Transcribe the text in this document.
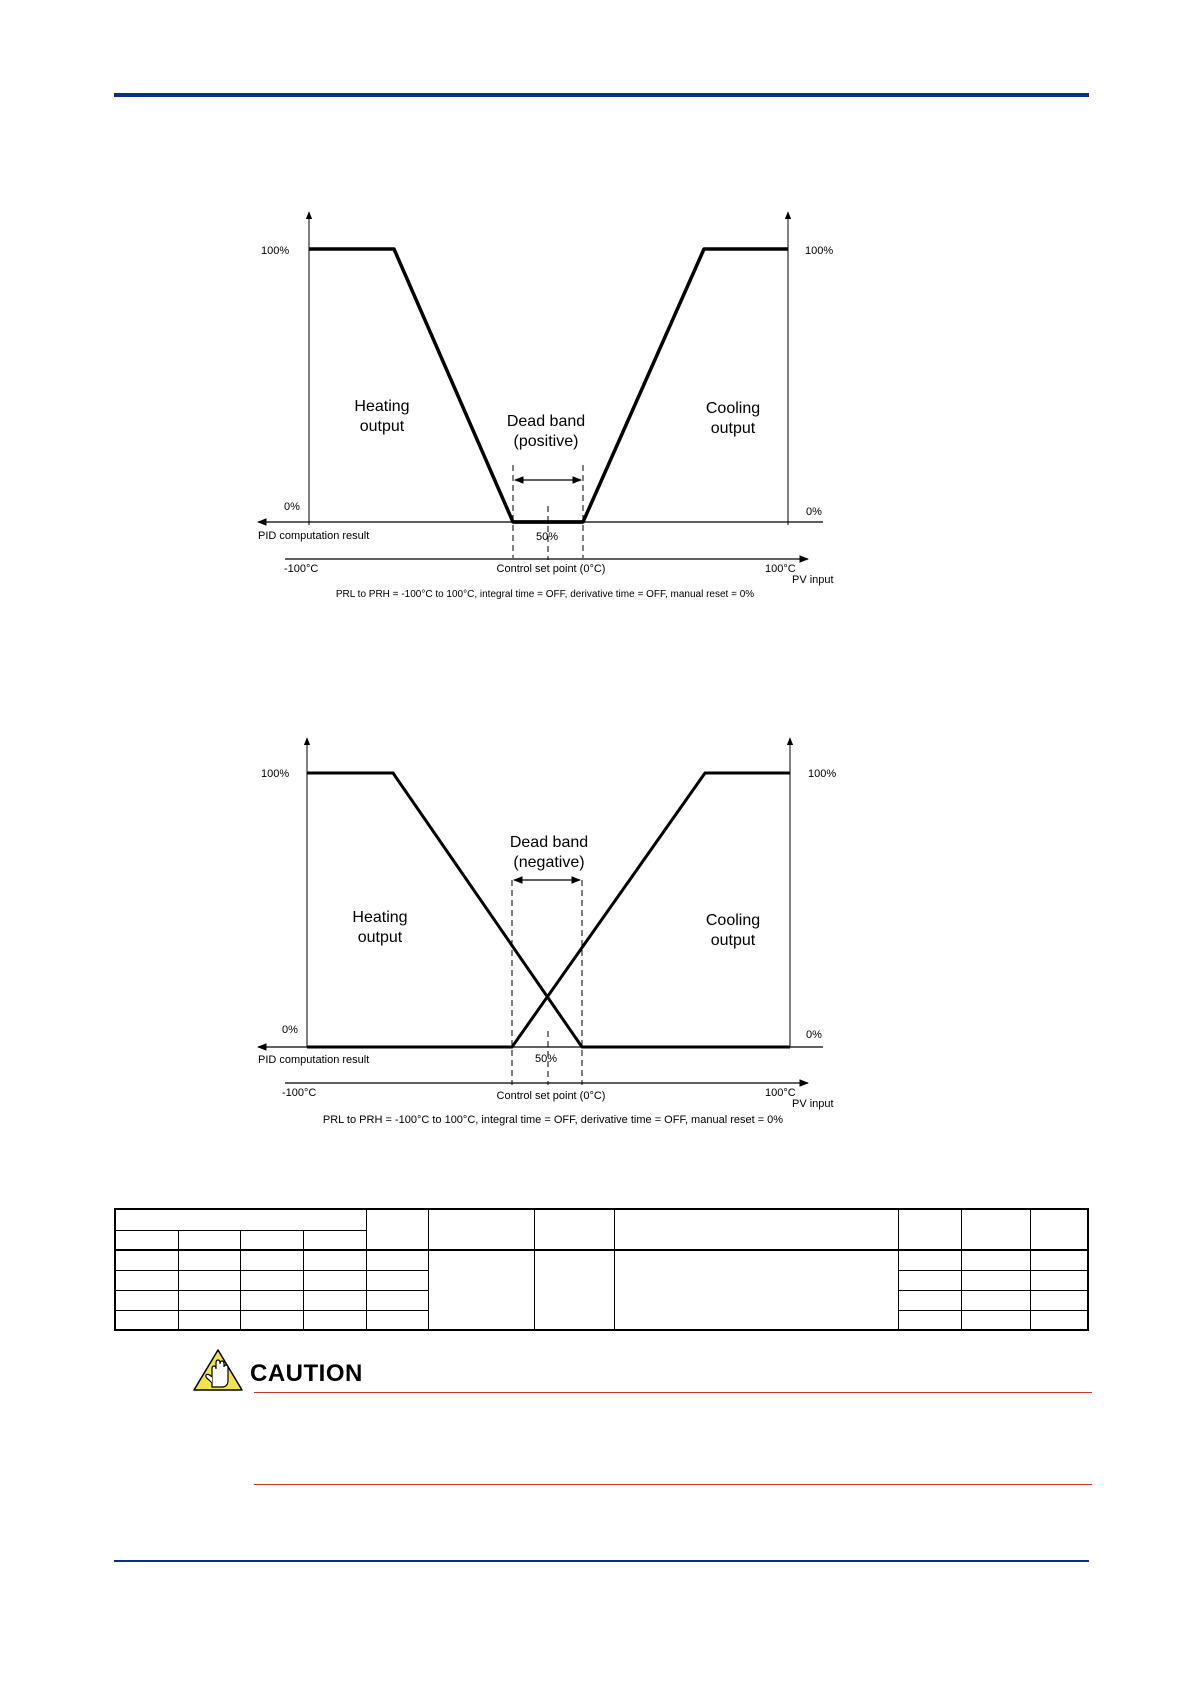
100%	100%
0%	0%
Heating
output
Cooling
output
Dead band
(positive)
50%
PID computation result
-100°C	Control set point (0°C)	100°C
PV input
PRL to PRH = -100°C to 100°C, integral time = OFF, derivative time = OFF, manual reset = 0%
100%	100%
0%	0%
Heating
output
Cooling
output
Dead band
(negative)
50%
PID computation result
-100°C	Control set point (0°C)	100°C
PV input
PRL to PRH = -100°C to 100°C, integral time = OFF, derivative time = OFF, manual reset = 0%

CAUTION
